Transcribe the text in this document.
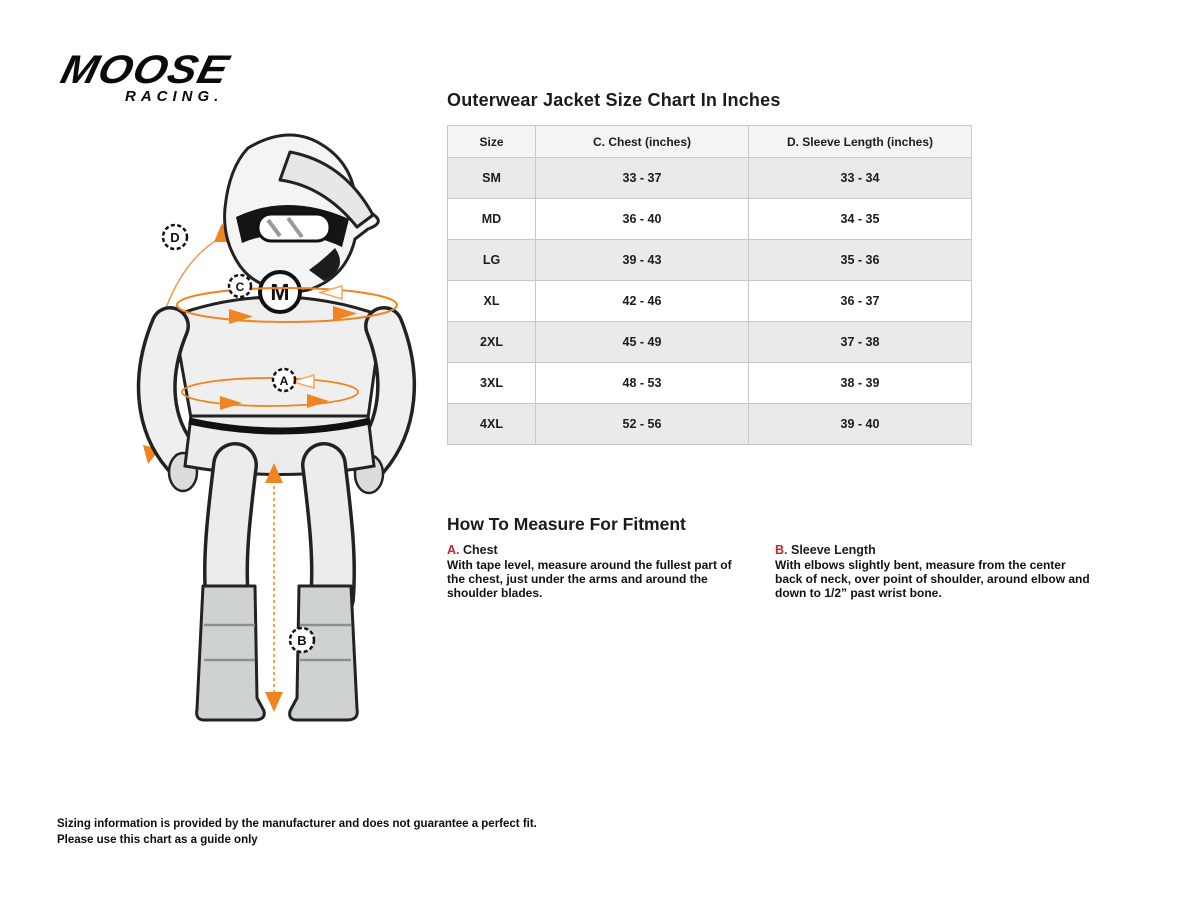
MOOSE
RACING.
M
D
C
A
B
Outerwear Jacket Size Chart In Inches
Size	C. Chest (inches)	D. Sleeve Length (inches)
SM	33 - 37	33 - 34
MD	36 - 40	34 - 35
LG	39 - 43	35 - 36
XL	42 - 46	36 - 37
2XL	45 - 49	37 - 38
3XL	48 - 53	38 - 39
4XL	52 - 56	39 - 40
How To Measure For Fitment
A. Chest
With tape level, measure around the fullest part of the chest, just under the arms and around the shoulder blades.
B. Sleeve Length
With elbows slightly bent, measure from the center back of neck, over point of shoulder, around elbow and down to 1/2” past wrist bone.
Sizing information is provided by the manufacturer and does not guarantee a perfect fit.
Please use this chart as a guide only
